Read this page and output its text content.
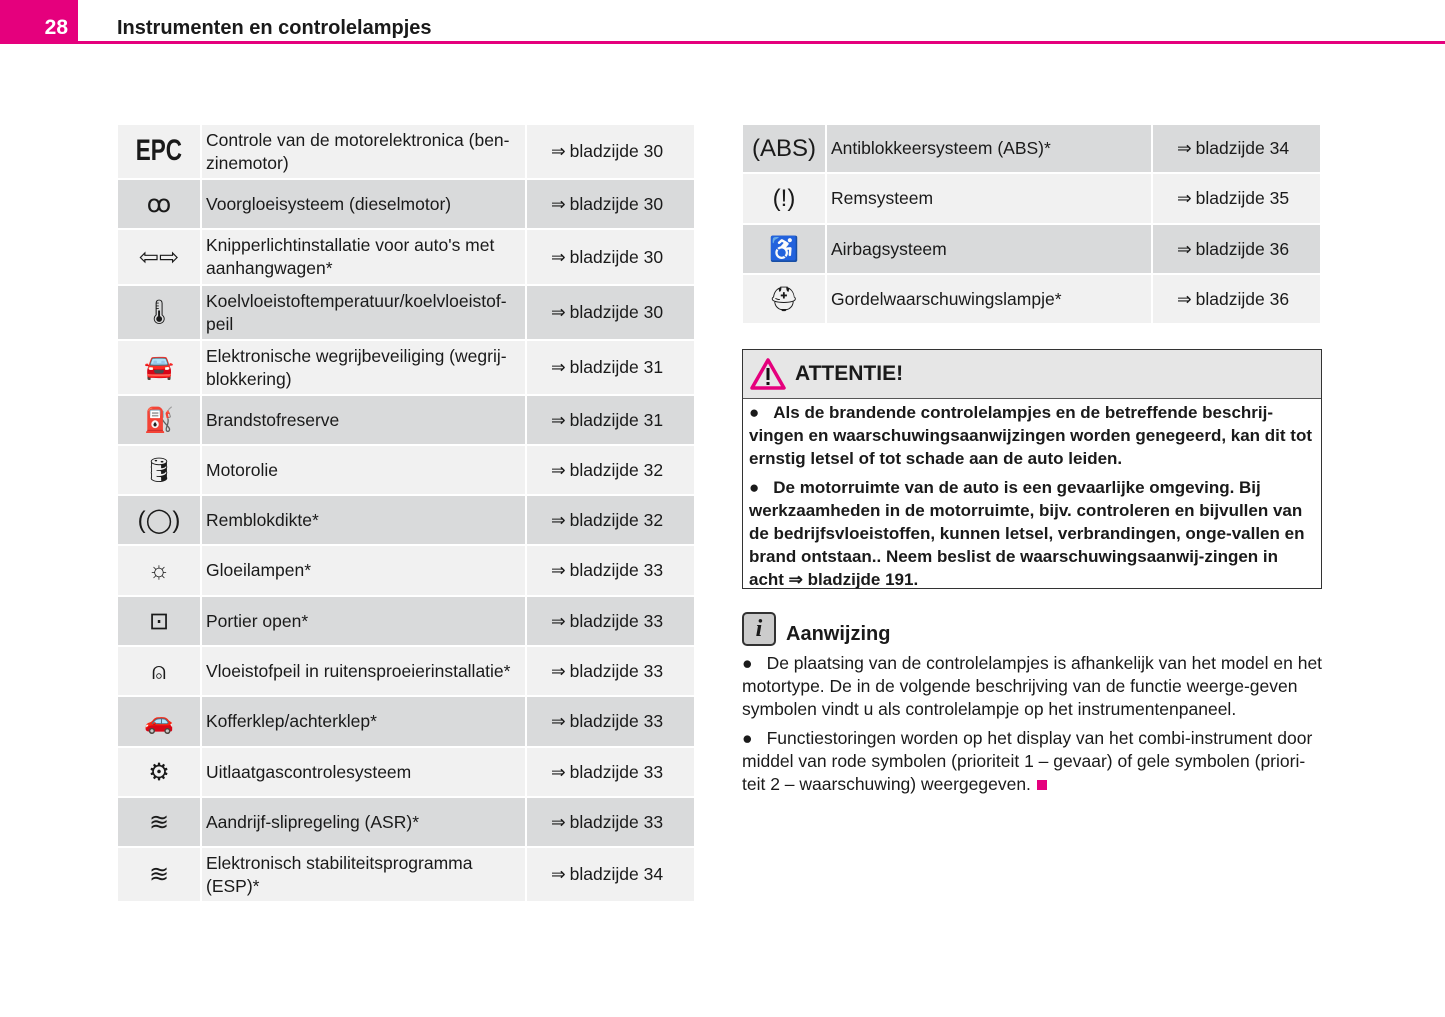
28	Instrumenten en controlelampjes
EPC	Controle van de motorelektronica (ben-zinemotor)	⇒ bladzijde 30
ꝏ	Voorgloeisysteem (dieselmotor)	⇒ bladzijde 30
⇦⇨	Knipperlichtinstallatie voor auto's met aanhangwagen*	⇒ bladzijde 30
🌡	Koelvloeistoftemperatuur/koelvloeistof-peil	⇒ bladzijde 30
🚘	Elektronische wegrijbeveiliging (wegrij-blokkering)	⇒ bladzijde 31
⛽	Brandstofreserve	⇒ bladzijde 31
🛢	Motorolie	⇒ bladzijde 32
(◯)	Remblokdikte*	⇒ bladzijde 32
☼	Gloeilampen*	⇒ bladzijde 33
⊡	Portier open*	⇒ bladzijde 33
⍝	Vloeistofpeil in ruitensproeierinstallatie*	⇒ bladzijde 33
🚗	Kofferklep/achterklep*	⇒ bladzijde 33
⚙	Uitlaatgascontrolesysteem	⇒ bladzijde 33
≋	Aandrijf-slipregeling (ASR)*	⇒ bladzijde 33
≋	Elektronisch stabiliteitsprogramma (ESP)*	⇒ bladzijde 34
(ABS)	Antiblokkeersysteem (ABS)*	⇒ bladzijde 34
(!)	Remsysteem	⇒ bladzijde 35
♿	Airbagsysteem	⇒ bladzijde 36
⛑	Gordelwaarschuwingslampje*	⇒ bladzijde 36
ATTENTIE!

● Als de brandende controlelampjes en de betreffende beschrij-vingen en waarschuwingsaanwijzingen worden genegeerd, kan dit tot ernstig letsel of tot schade aan de auto leiden.

● De motorruimte van de auto is een gevaarlijke omgeving. Bij werkzaamheden in de motorruimte, bijv. controleren en bijvullen van de bedrijfsvloeistoffen, kunnen letsel, verbrandingen, onge-vallen en brand ontstaan.. Neem beslist de waarschuwingsaanwij-zingen in acht ⇒ bladzijde 191.

i	Aanwijzing

● De plaatsing van de controlelampjes is afhankelijk van het model en het motortype. De in de volgende beschrijving van de functie weerge-geven symbolen vindt u als controlelampje op het instrumentenpaneel.

● Functiestoringen worden op het display van het combi-instrument door middel van rode symbolen (prioriteit 1 – gevaar) of gele symbolen (priori-teit 2 – waarschuwing) weergegeven.
